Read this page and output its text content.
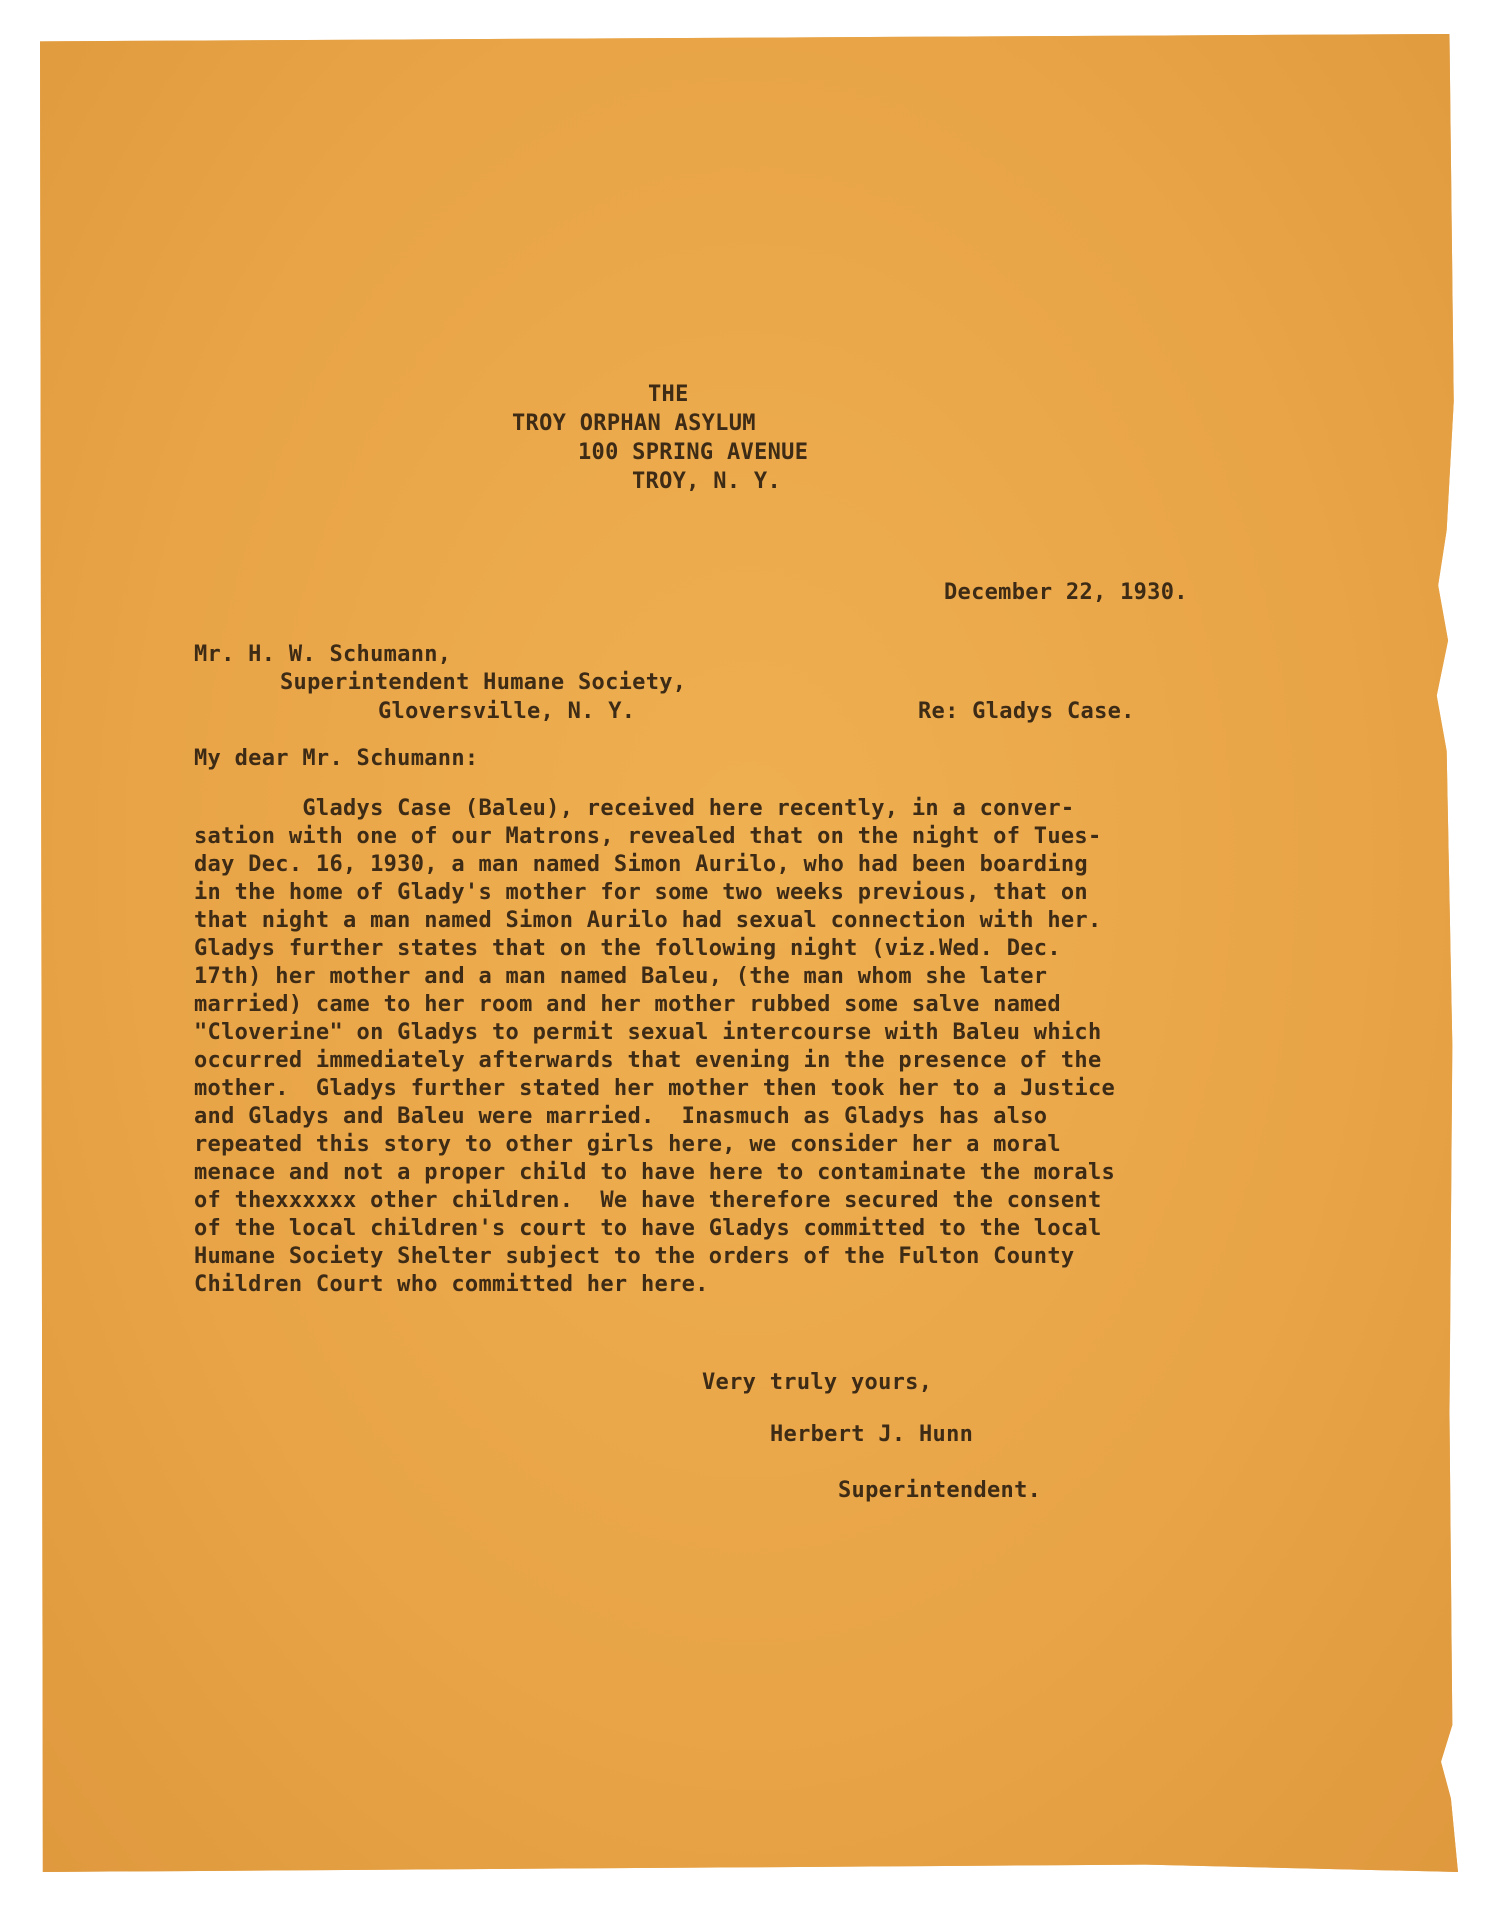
THE
TROY ORPHAN ASYLUM
100 SPRING AVENUE
TROY, N. Y.
December 22, 1930.
Mr. H. W. Schumann,
Superintendent Humane Society,
Gloversville, N. Y.	Re: Gladys Case.
My dear Mr. Schumann:
Gladys Case (Baleu), received here recently, in a conver-
sation with one of our Matrons, revealed that on the night of Tues-
day Dec. 16, 1930, a man named Simon Aurilo, who had been boarding
in the home of Glady's mother for some two weeks previous, that on
that night a man named Simon Aurilo had sexual connection with her.
Gladys further states that on the following night (viz.Wed. Dec.
17th) her mother and a man named Baleu, (the man whom she later
married) came to her room and her mother rubbed some salve named
"Cloverine" on Gladys to permit sexual intercourse with Baleu which
occurred immediately afterwards that evening in the presence of the
mother.  Gladys further stated her mother then took her to a Justice
and Gladys and Baleu were married.  Inasmuch as Gladys has also
repeated this story to other girls here, we consider her a moral
menace and not a proper child to have here to contaminate the morals
of thexxxxxx other children.  We have therefore secured the consent
of the local children's court to have Gladys committed to the local
Humane Society Shelter subject to the orders of the Fulton County
Children Court who committed her here.
Very truly yours,
Herbert J. Hunn
Superintendent.
